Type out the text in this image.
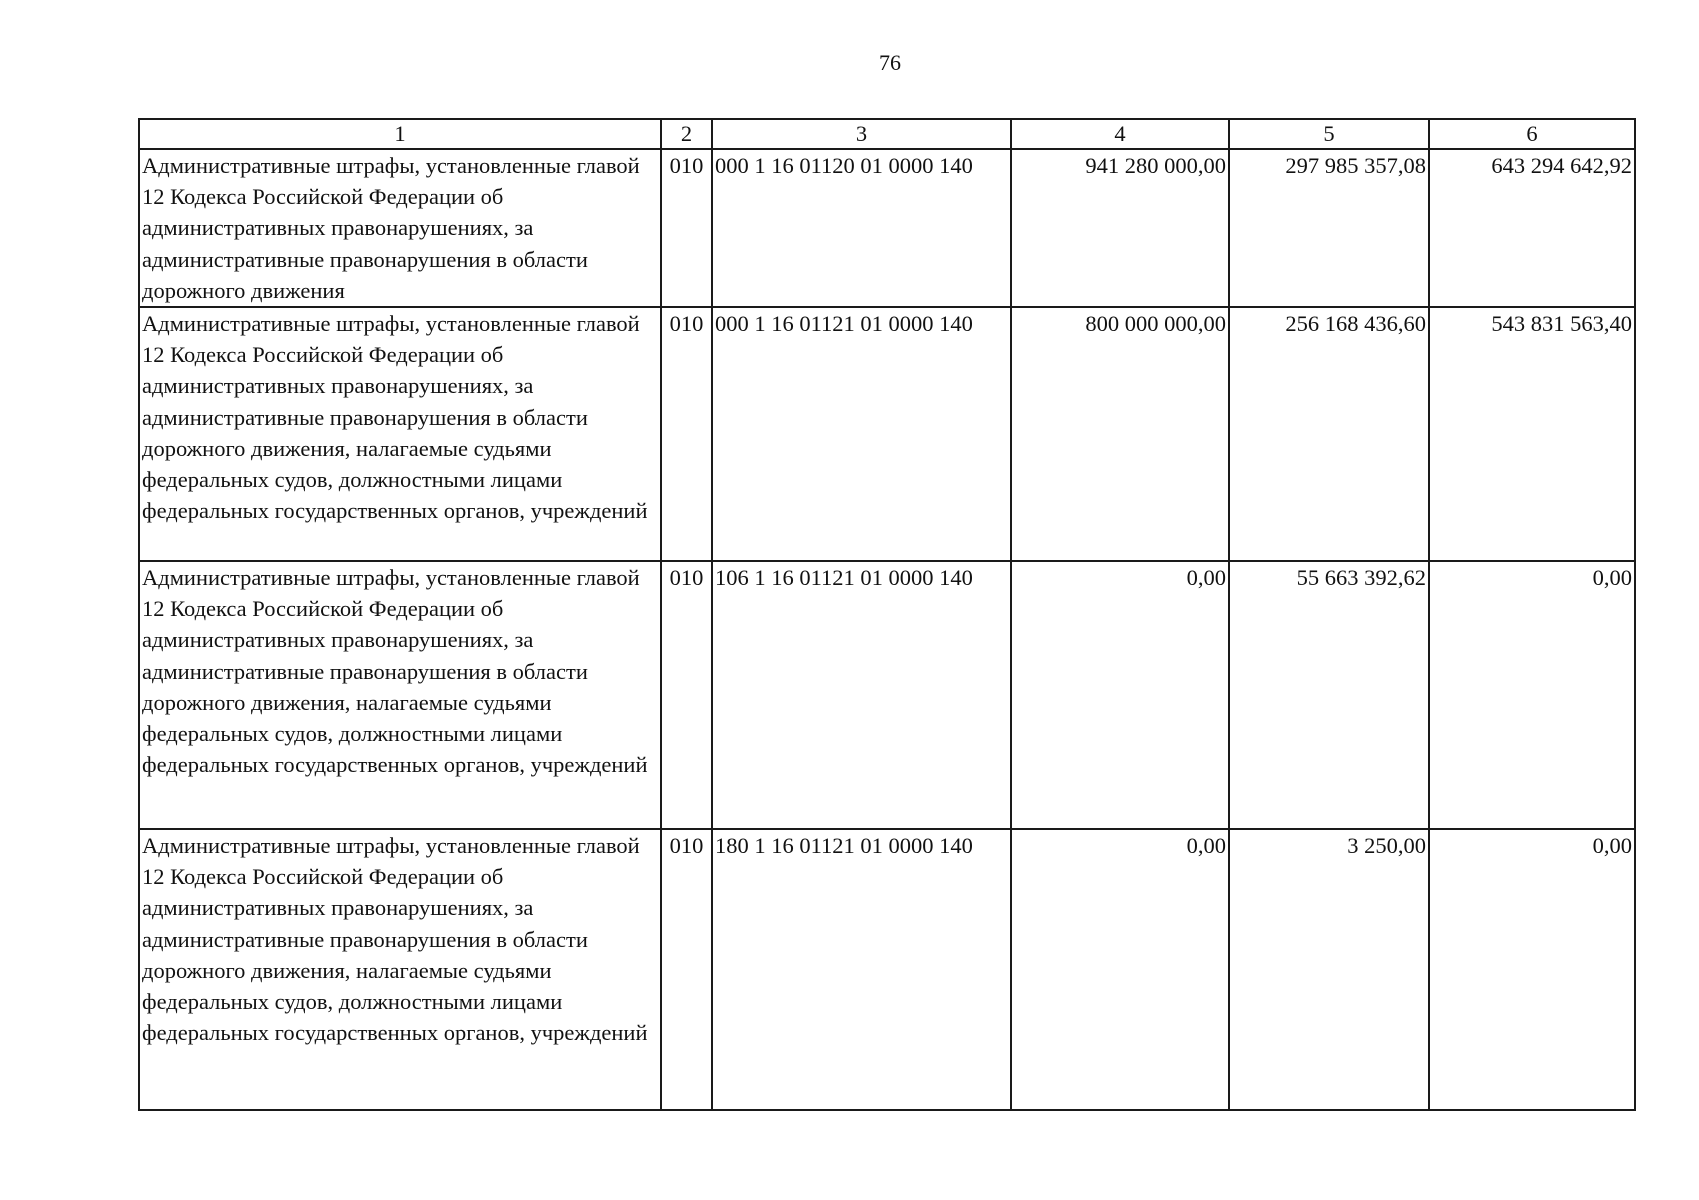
76
1	2	3	4	5	6
Административные штрафы, установленные главой 12 Кодекса Российской Федерации об административных правонарушениях, за административные правонарушения в области дорожного движения	010	000 1 16 01120 01 0000 140	941 280 000,00	297 985 357,08	643 294 642,92
Административные штрафы, установленные главой 12 Кодекса Российской Федерации об административных правонарушениях, за административные правонарушения в области дорожного движения, налагаемые судьями федеральных судов, должностными лицами федеральных государственных органов, учреждений	010	000 1 16 01121 01 0000 140	800 000 000,00	256 168 436,60	543 831 563,40
Административные штрафы, установленные главой 12 Кодекса Российской Федерации об административных правонарушениях, за административные правонарушения в области дорожного движения, налагаемые судьями федеральных судов, должностными лицами федеральных государственных органов, учреждений	010	106 1 16 01121 01 0000 140	0,00	55 663 392,62	0,00
Административные штрафы, установленные главой 12 Кодекса Российской Федерации об административных правонарушениях, за административные правонарушения в области дорожного движения, налагаемые судьями федеральных судов, должностными лицами федеральных государственных органов, учреждений	010	180 1 16 01121 01 0000 140	0,00	3 250,00	0,00
